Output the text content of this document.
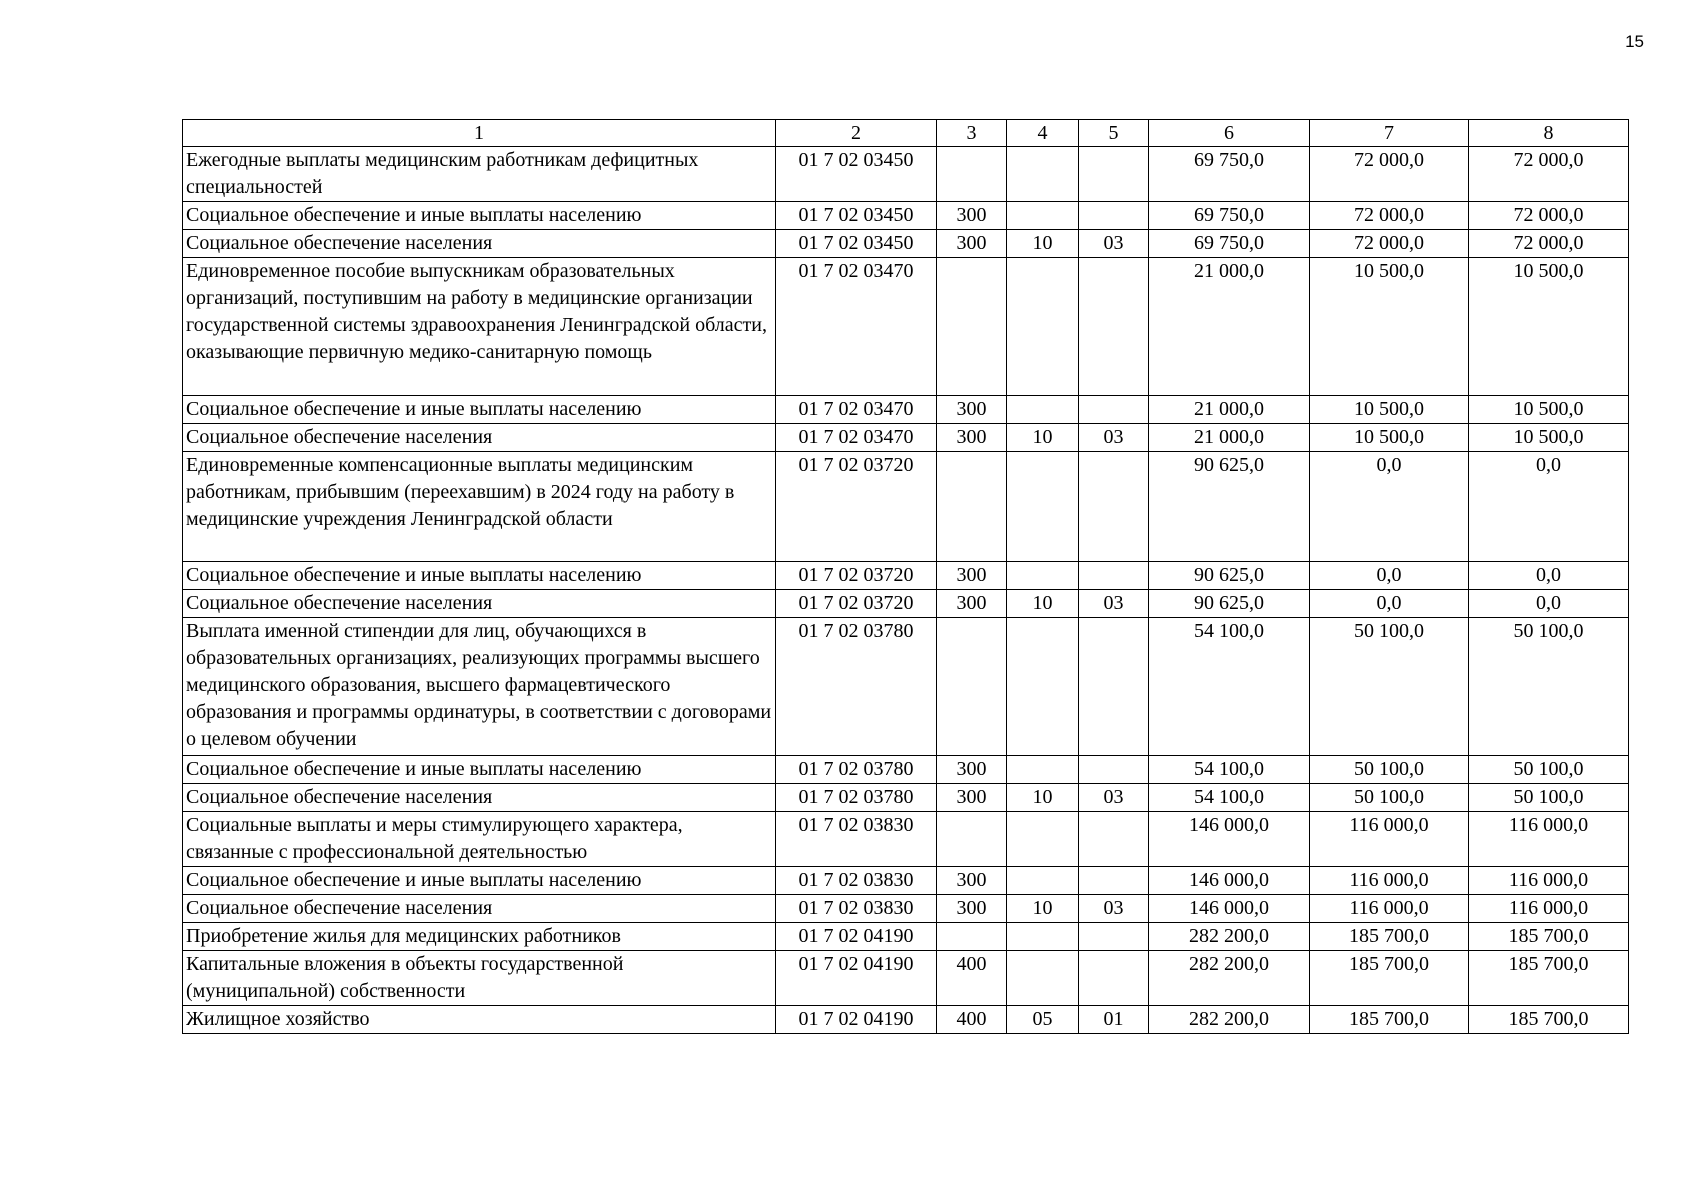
15
1	2	3	4	5	6	7	8
Ежегодные выплаты медицинским работникам дефицитных специальностей	01 7 02 03450				69 750,0	72 000,0	72 000,0
Социальное обеспечение и иные выплаты населению	01 7 02 03450	300			69 750,0	72 000,0	72 000,0
Социальное обеспечение населения	01 7 02 03450	300	10	03	69 750,0	72 000,0	72 000,0
Единовременное пособие выпускникам образовательных организаций, поступившим на работу в медицинские организации государственной системы здравоохранения Ленинградской области, оказывающие первичную медико-санитарную помощь	01 7 02 03470				21 000,0	10 500,0	10 500,0
Социальное обеспечение и иные выплаты населению	01 7 02 03470	300			21 000,0	10 500,0	10 500,0
Социальное обеспечение населения	01 7 02 03470	300	10	03	21 000,0	10 500,0	10 500,0
Единовременные компенсационные выплаты медицинским работникам, прибывшим (переехавшим) в 2024 году на работу в медицинские учреждения Ленинградской области	01 7 02 03720				90 625,0	0,0	0,0
Социальное обеспечение и иные выплаты населению	01 7 02 03720	300			90 625,0	0,0	0,0
Социальное обеспечение населения	01 7 02 03720	300	10	03	90 625,0	0,0	0,0
Выплата именной стипендии для лиц, обучающихся в образовательных организациях, реализующих программы высшего медицинского образования, высшего фармацевтического образования и программы ординатуры, в соответствии с договорами о целевом обучении	01 7 02 03780				54 100,0	50 100,0	50 100,0
Социальное обеспечение и иные выплаты населению	01 7 02 03780	300			54 100,0	50 100,0	50 100,0
Социальное обеспечение населения	01 7 02 03780	300	10	03	54 100,0	50 100,0	50 100,0
Социальные выплаты и меры стимулирующего характера, связанные с профессиональной деятельностью	01 7 02 03830				146 000,0	116 000,0	116 000,0
Социальное обеспечение и иные выплаты населению	01 7 02 03830	300			146 000,0	116 000,0	116 000,0
Социальное обеспечение населения	01 7 02 03830	300	10	03	146 000,0	116 000,0	116 000,0
Приобретение жилья для медицинских работников	01 7 02 04190				282 200,0	185 700,0	185 700,0
Капитальные вложения в объекты государственной (муниципальной) собственности	01 7 02 04190	400			282 200,0	185 700,0	185 700,0
Жилищное хозяйство	01 7 02 04190	400	05	01	282 200,0	185 700,0	185 700,0
